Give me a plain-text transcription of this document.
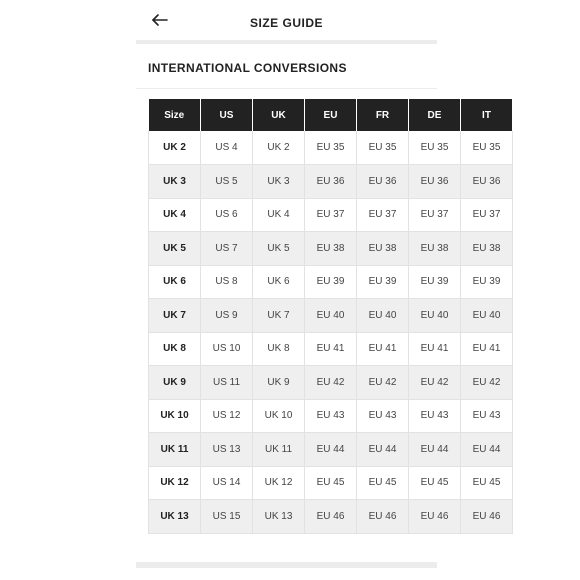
SIZE GUIDE
INTERNATIONAL CONVERSIONS
Size	US	UK	EU	FR	DE	IT
UK 2	US 4	UK 2	EU 35	EU 35	EU 35	EU 35
UK 3	US 5	UK 3	EU 36	EU 36	EU 36	EU 36
UK 4	US 6	UK 4	EU 37	EU 37	EU 37	EU 37
UK 5	US 7	UK 5	EU 38	EU 38	EU 38	EU 38
UK 6	US 8	UK 6	EU 39	EU 39	EU 39	EU 39
UK 7	US 9	UK 7	EU 40	EU 40	EU 40	EU 40
UK 8	US 10	UK 8	EU 41	EU 41	EU 41	EU 41
UK 9	US 11	UK 9	EU 42	EU 42	EU 42	EU 42
UK 10	US 12	UK 10	EU 43	EU 43	EU 43	EU 43
UK 11	US 13	UK 11	EU 44	EU 44	EU 44	EU 44
UK 12	US 14	UK 12	EU 45	EU 45	EU 45	EU 45
UK 13	US 15	UK 13	EU 46	EU 46	EU 46	EU 46
